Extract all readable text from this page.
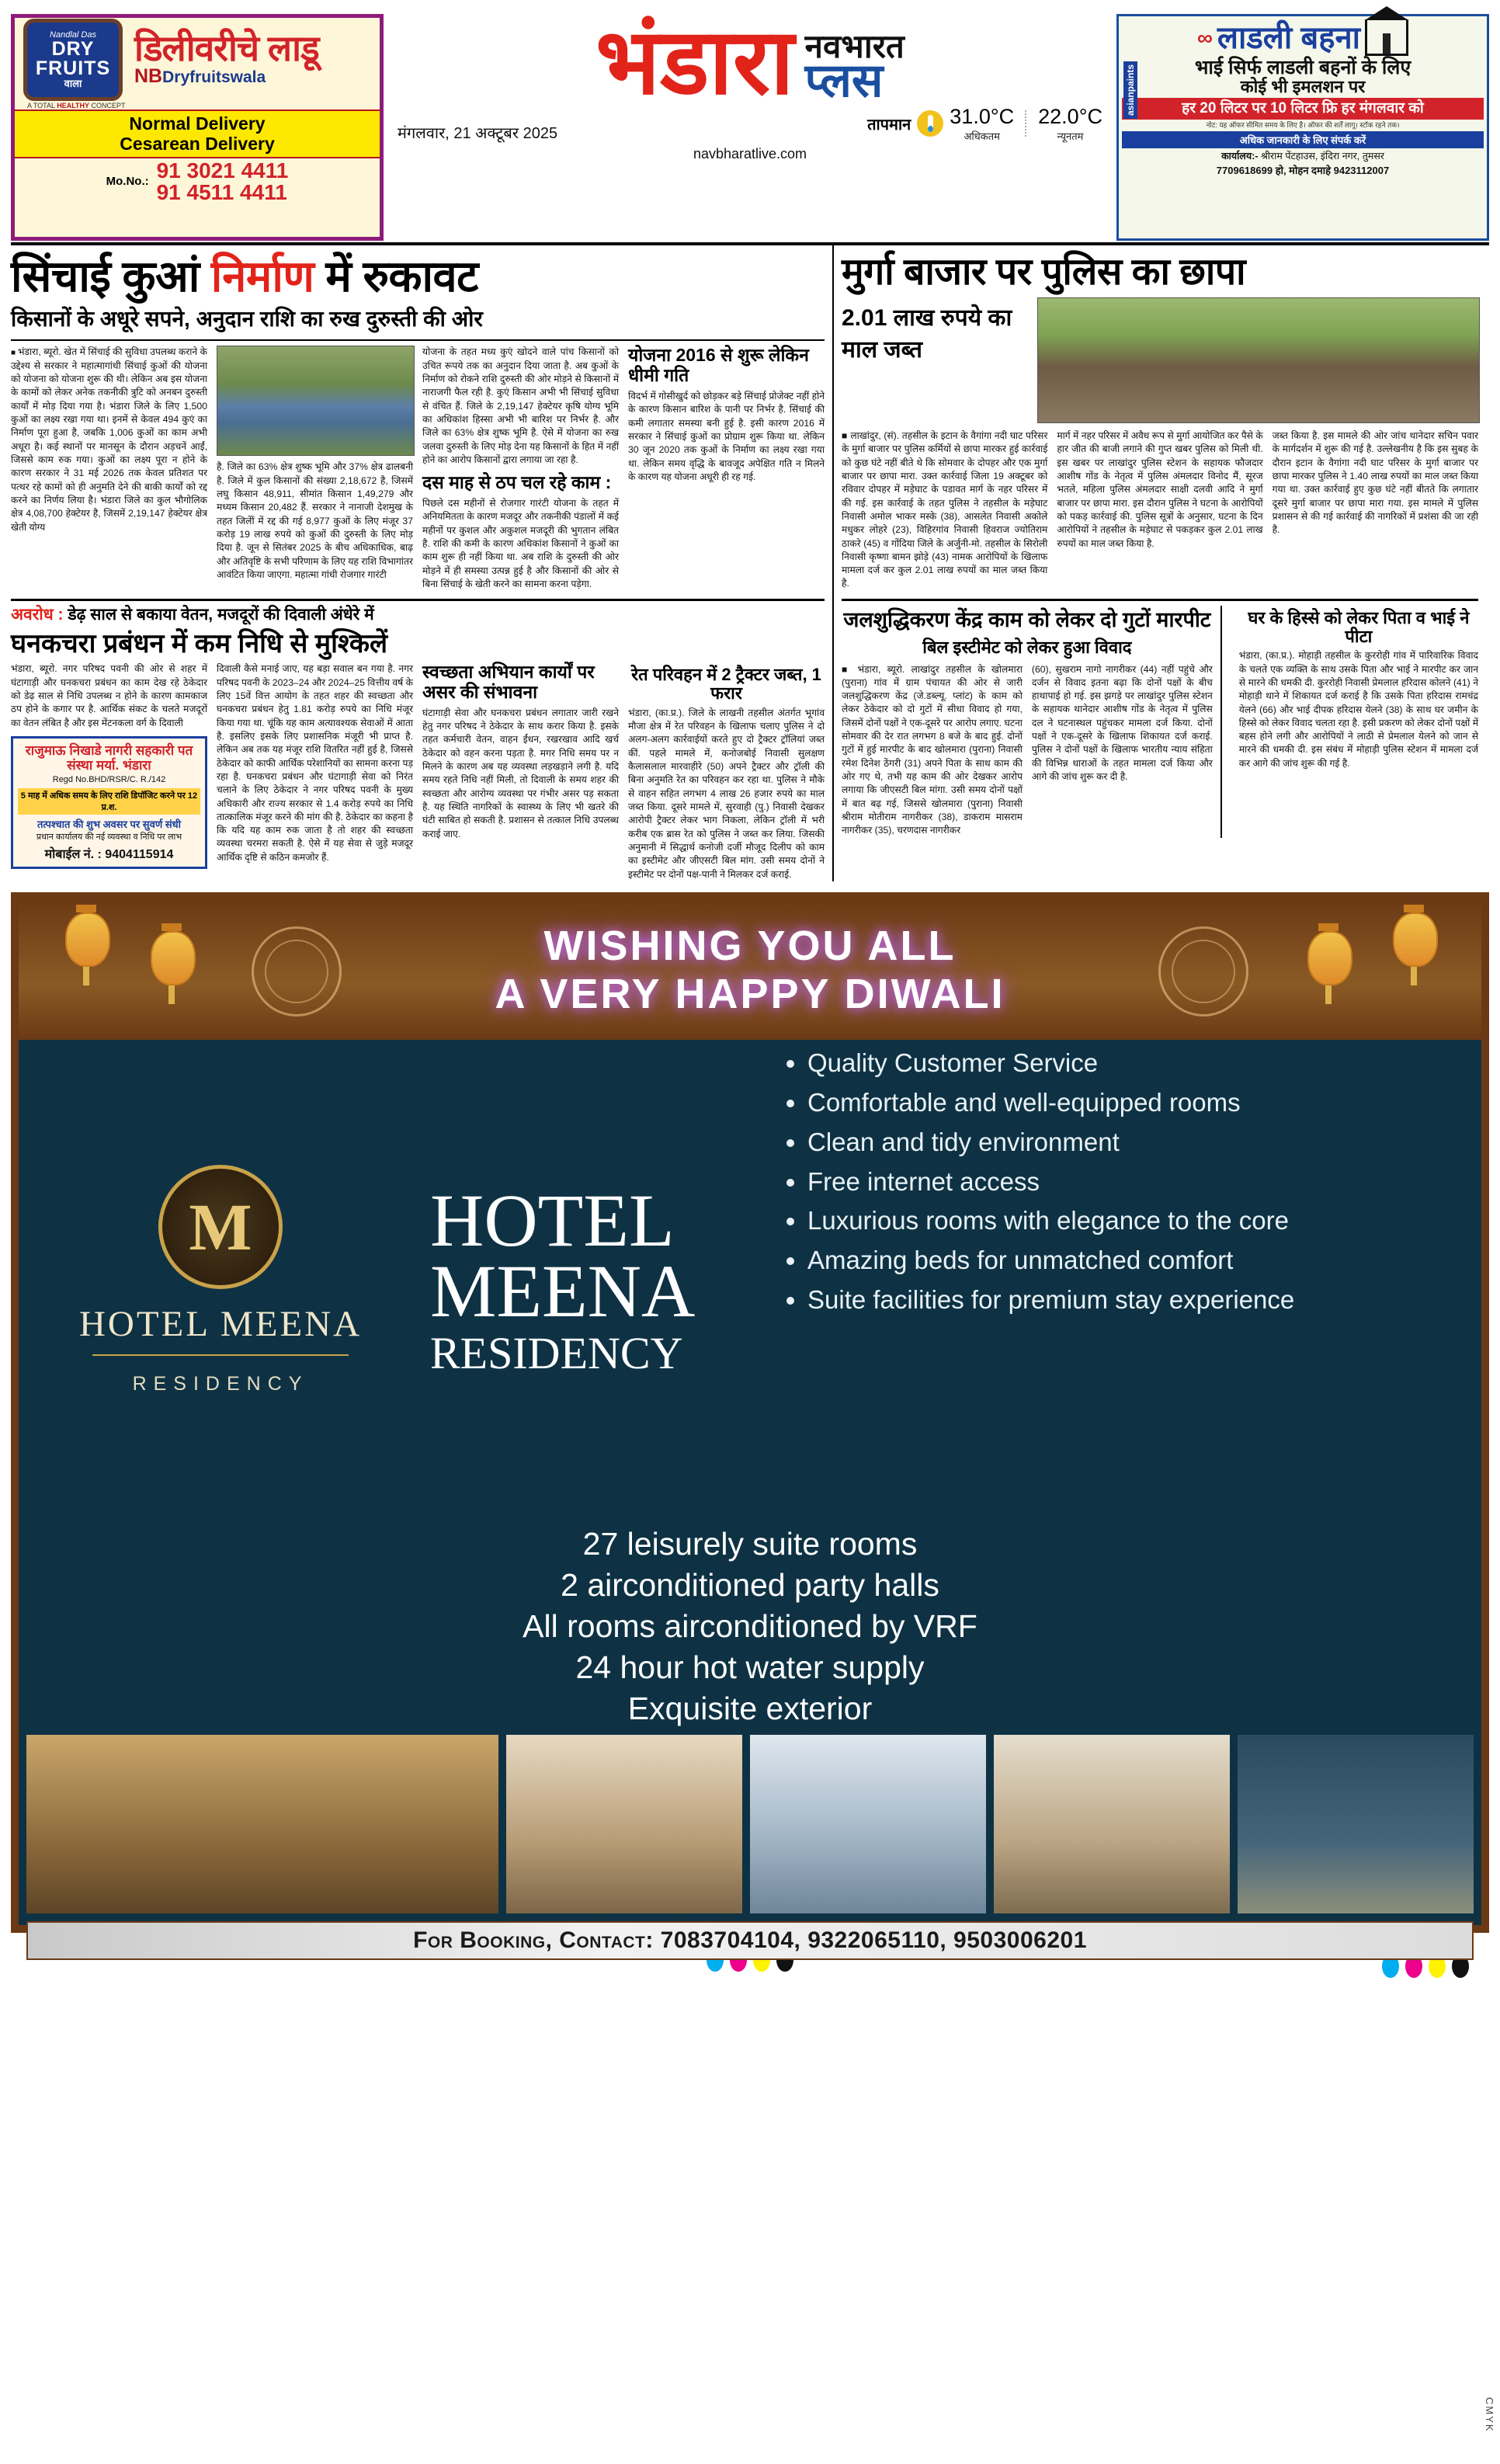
Nandlal Das
DRY
FRUITS
वाला
डिलीवरीचे लाडू
NBDryfruitswala
A TOTAL HEALTHY CONCEPT
Normal Delivery
Cesarean Delivery
Mo.No.: 91 3021 4411
91 4511 4411
भंडारा नवभारत
प्लस
मंगलवार, 21 अक्टूबर 2025	तापमान 31.0°C
अधिकतम
22.0°C
न्यूनतम
navbharatlive.com
asianpaints
∞ लाडली बहना
भाई सिर्फ लाडली बहनों के लिए
कोई भी इमलशन पर
हर 20 लिटर पर 10 लिटर फ्रि हर मंगलवार को
नोट: यह ऑफर सीमित समय के लिए है। ऑफर की शर्तें लागू। स्टॉक रहने तक।
अधिक जानकारी के लिए संपर्क करें
कार्यालय:- श्रीराम पेंटहाउस, इंदिरा नगर, तुमसर
7709618699 हो, मोहन दमाहे 9423112007
सिंचाई कुआं निर्माण में रुकावट
किसानों के अधूरे सपने, अनुदान राशि का रुख दुरुस्ती की ओर
■ भंडारा, ब्यूरो. खेत में सिंचाई की सुविधा उपलब्ध कराने के उद्देश्य से सरकार ने महात्मागांधी सिंचाई कुओं की योजना को योजना को योजना शुरू की थी। लेकिन अब इस योजना के कामों को लेकर अनेक तकनीकी त्रुटि को अनबन दुरुस्ती कार्यों में मोड़ दिया गया है। भंडारा जिले के लिए 1,500 कुओं का लक्ष्य रखा गया था। इनमें से केवल 494 कुएं का निर्माण पूरा हुआ है, जबकि 1,006 कुओं का काम अभी अधूरा है। कई स्थानों पर मानसून के दौरान अड़चनें आईं, जिससे काम रुक गया। कुओं का लक्ष्य पूरा न होने के कारण सरकार ने 31 मई 2026 तक केवल प्रतिशत पर पत्थर रहे कामों को ही अनुमति देने की बाकी कार्यों को रद्द करने का निर्णय लिया है। भंडारा जिले का कुल भौगोलिक क्षेत्र 4,08,700 हेक्टेयर है, जिसमें 2,19,147 हेक्टेयर क्षेत्र खेती योग्य
है. जिले का 63% क्षेत्र शुष्क भूमि और 37% क्षेत्र ढालबनी है. जिले में कुल किसानों की संख्या 2,18,672 है, जिसमें लघु किसान 48,911, सीमांत किसान 1,49,279 और मध्यम किसान 20,482 हैं. सरकार ने नानाजी देशमुख के तहत जिलेों में रद्द की गई 8,977 कुओं के लिए मंजूर 37 करोड़ 19 लाख रुपये को कुओं की दुरुस्ती के लिए मोड़ दिया है. जून से सितंबर 2025 के बीच अधिकाधिक, बाढ़ और अतिवृष्टि के सभी परिणाम के लिए यह राशि विभागांतर आवंटित किया जाएगा. महात्मा गांधी रोजगार गारंटी
योजना के तहत मध्य कुएं खोदने वाले पांच किसानों को उचित रूपये तक का अनुदान दिया जाता है. अब कुओं के निर्माण को रोकने राशि दुरुस्ती की ओर मोड़ने से किसानों में नाराजगी फैल रही है. कुएं किसान अभी भी सिंचाई सुविधा से वंचित हैं. जिले के 2,19,147 हेक्टेयर कृषि योग्य भूमि का अधिकांश हिस्सा अभी भी बारिश पर निर्भर है. और जिले का 63% क्षेत्र शुष्क भूमि है. ऐसे में योजना का रुख जलवा दुरुस्ती के लिए मोड़ देना यह किसानों के हित में नहीं होने का आरोप किसानों द्वारा लगाया जा रहा है.
दस माह से ठप चल रहे काम :
पिछले दस महीनों से रोजगार गारंटी योजना के तहत में अनियमितता के कारण मजदूर और तकनीकी पंडालों में कई महीनों पर कुशल और अकुशल मजदूरी की भुगतान लंबित है. राशि की कमी के कारण अधिकांश किसानों ने कुओं का काम शुरू ही नहीं किया था. अब राशि के दुरुस्ती की ओर मोड़ने में ही समस्या उत्पन्न हुई है और किसानों की ओर से बिना सिंचाई के खेती करने का सामना करना पड़ेगा.
योजना 2016 से शुरू लेकिन धीमी गति
विदर्भ में गोसीखुर्द को छोड़कर बड़े सिंचाई प्रोजेक्ट नहीं होने के कारण किसान बारिश के पानी पर निर्भर है. सिंचाई की कमी लगातार समस्या बनी हुई है. इसी कारण 2016 में सरकार ने सिंचाई कुओं का प्रोग्राम शुरू किया था. लेकिन 30 जून 2020 तक कुओं के निर्माण का लक्ष्य रखा गया था. लेकिन समय वृद्धि के बावजूद अपेक्षित गति न मिलने के कारण यह योजना अधूरी ही रह गई.
अवरोध : डेढ़ साल से बकाया वेतन, मजदूरों की दिवाली अंधेरे में
घनकचरा प्रबंधन में कम निधि से मुश्किलें
भंडारा, ब्यूरो. नगर परिषद पवनी की ओर से शहर में घंटागाड़ी और घनकचरा प्रबंधन का काम देख रहे ठेकेदार को डेढ़ साल से निधि उपलब्ध न होने के कारण कामकाज ठप होने के कगार पर है. आर्थिक संकट के चलते मजदूरों का वेतन लंबित है और इस मेंटनकला वर्ग के दिवाली
राजुमाऊ निखाडे नागरी सहकारी पत संस्था मर्या. भंडारा
Regd No.BHD/RSR/C. R./142
5 माह में अधिक समय के लिए राशि डिपॉजिट करने पर 12 प्र.श.
तत्पश्चात की शुभ अवसर पर सुवर्ण संधी
प्रधान कार्यालय की नई व्यवस्था व निधि पर लाभ
मोबाईल नं. : 9404115914
दिवाली कैसे मनाई जाए, यह बड़ा सवाल बन गया है. नगर परिषद पवनी के 2023–24 और 2024–25 वित्तीय वर्ष के लिए 15वें वित्त आयोग के तहत शहर की स्वच्छता और घनकचरा प्रबंधन हेतु 1.81 करोड़ रुपये का निधि मंजूर किया गया था. चूंकि यह काम अत्यावश्यक सेवाओं में आता है. इसलिए इसके लिए प्रशासनिक मंजूरी भी प्राप्त है. लेकिन अब तक यह मंजूर राशि वितरित नहीं हुई है, जिससे ठेकेदार को काफी आर्थिक परेशानियों का सामना करना पड़ रहा है. घनकचरा प्रबंधन और घंटागाड़ी सेवा को निरंत चलाने के लिए ठेकेदार ने नगर परिषद पवनी के मुख्य अधिकारी और राज्य सरकार से 1.4 करोड़ रुपये का निधि तात्कालिक मंजूर करने की मांग की है. ठेकेदार का कहना है कि यदि यह काम रुक जाता है तो शहर की स्वच्छता व्यवस्था चरमरा सकती है. ऐसे में यह सेवा से जुड़े मजदूर आर्थिक दृष्टि से कठिन कमजोर हैं.
स्वच्छता अभियान कार्यों पर असर की संभावना
घंटागाड़ी सेवा और घनकचरा प्रबंधन लगातार जारी रखने हेतु नगर परिषद ने ठेकेदार के साथ करार किया है. इसके तहत कर्मचारी वेतन, वाहन ईंधन, रखरखाव आदि खर्च ठेकेदार को वहन करना पड़ता है. मगर निधि समय पर न मिलने के कारण अब यह व्यवस्था लड़खड़ाने लगी है. यदि समय रहते निधि नहीं मिली, तो दिवाली के समय शहर की स्वच्छता और आरोग्य व्यवस्था पर गंभीर असर पड़ सकता है. यह स्थिति नागरिकों के स्वास्थ्य के लिए भी खतरे की घंटी साबित हो सकती है. प्रशासन से तत्काल निधि उपलब्ध कराई जाए.
रेत परिवहन में 2 ट्रैक्टर जब्त, 1 फरार
भंडारा, (का.प्र.). जिले के लाखनी तहसील अंतर्गत भूगांव मौजा क्षेत्र में रेत परिवहन के खिलाफ चलाए पुलिस ने दो अलग-अलग कार्रवाईयों करते हुए दो ट्रैक्टर ट्रॉलियां जब्त कीं. पहले मामले में, कनोजबोई निवासी सुलक्षण कैलासलाल मारवाहीरे (50) अपने ट्रैक्टर और ट्रॉली की बिना अनुमति रेत का परिवहन कर रहा था. पुलिस ने मौके से वाहन सहित लगभग 4 लाख 26 हजार रुपये का माल जब्त किया. दूसरे मामले में, सुरवाही (पु.) निवासी देखकर आरोपी ट्रैक्टर लेकर भाग निकला, लेकिन ट्रॉली में भरी करीब एक ब्रास रेत को पुलिस ने जब्त कर लिया. जिसकी अनुमानी में सिद्धार्थ कनोजी दर्जी मौजूद दिलीप को काम का इस्टीमेट और जीएसटी बिल मांग. उसी समय दोनों ने इस्टीमेट पर दोनों पक्ष-पानी ने मिलकर दर्ज कराई.
मुर्गा बाजार पर पुलिस का छापा
2.01 लाख रुपये का माल जब्त
■ लाखांदुर, (सं). तहसील के इटान के वैगांगा नदी घाट परिसर के मुर्गा बाजार पर पुलिस कर्मियों से छापा मारकर हुई कार्रवाई को कुछ घंटे नहीं बीते थे कि सोमवार के दोपहर और एक मुर्गा बाजार पर छापा मारा. उक्त कार्रवाई जिला 19 अक्टूबर को रविवार दोपहर में मड़ेघाट के पडावत मार्ग के नहर परिसर में की गई. इस कार्रवाई के तहत पुलिस ने तहसील के मड़ेघाट निवासी अमोल भाकर मस्के (38), आसलेत निवासी अकोले मधुकर लोहरे (23), विहिरगांव निवासी हिवराज ज्योतिराम ठाकरे (45) व गोंदिया जिले के अर्जुनी-मो. तहसील के सिरोली निवासी कृष्णा बामन झोड़े (43) नामक आरोपियों के खिलाफ मामला दर्ज कर कुल 2.01 लाख रुपयों का माल जब्त किया है.
मार्ग में नहर परिसर में अवैध रूप से मुर्गा आयोजित कर पैसे के हार जीत की बाजी लगाने की गुप्त खबर पुलिस को मिली थी. इस खबर पर लाखांदुर पुलिस स्टेशन के सहायक फौजदार आशीष गोंड के नेतृत्व में पुलिस अंमलदार विनोद मैं, सूरज भतले, महिला पुलिस अंमलदार साक्षी दलवी आदि ने मुर्गा बाजार पर छापा मारा. इस दौरान पुलिस ने घटना के आरोपियों को पकड़ कार्रवाई की. पुलिस सूत्रों के अनुसार, घटना के दिन आरोपियों ने तहसील के मड़ेघाट से पकड़कर कुल 2.01 लाख रुपयों का माल जब्त किया है.
जब्त किया है. इस मामले की ओर जांच थानेदार सचिन पवार के मार्गदर्शन में शुरू की गई है. उल्लेखनीय है कि इस सुबह के दौरान इटान के वैगांगा नदी घाट परिसर के मुर्गा बाजार पर छापा मारकर पुलिस ने 1.40 लाख रुपयों का माल जब्त किया गया था. उक्त कार्रवाई हुए कुछ घंटे नहीं बीतते कि लगातार दूसरे मुर्गा बाजार पर छापा मारा गया. इस मामले में पुलिस प्रशासन से की गई कार्रवाई की नागरिकों में प्रशंसा की जा रही है.
जलशुद्धिकरण केंद्र काम को लेकर दो गुटों मारपीट
बिल इस्टीमेट को लेकर हुआ विवाद
■ भंडारा, ब्यूरो. लाखांदुर तहसील के खोलमारा (पुराना) गांव में ग्राम पंचायत की ओर से जारी जलशुद्धिकरण केंद्र (जे.डब्ल्यू. प्लांट) के काम को लेकर ठेकेदार को दो गुटों में सीधा विवाद हो गया, जिसमें दोनों पक्षों ने एक-दूसरे पर आरोप लगाए. घटना सोमवार की देर रात लगभग 8 बजे के बाद हुई. दोनों गुटों में हुई मारपीट के बाद खोलमारा (पुराना) निवासी रमेश दिनेश ठेंगरी (31) अपने पिता के साथ काम की ओर गए थे, तभी यह काम की ओर देखकर आरोप लगाया कि जीएसटी बिल मांगा. उसी समय दोनों पक्षों में बात बढ़ गई, जिससे खोलमारा (पुराना) निवासी श्रीराम मोतीराम नागरीकर (38), डाकराम मासराम नागरीकर (35), चरणदास नागरीकर
(60), सुखराम नागो नागरीकर (44) नहीं पहुंचे और दर्जन से विवाद इतना बढ़ा कि दोनों पक्षों के बीच हाथापाई हो गई. इस झगड़े पर लाखांदुर पुलिस स्टेशन के सहायक थानेदार आशीष गोंड के नेतृत्व में पुलिस दल ने घटनास्थल पहुंचकर मामला दर्ज किया. दोनों पक्षों ने एक-दूसरे के खिलाफ शिकायत दर्ज कराई. पुलिस ने दोनों पक्षों के खिलाफ भारतीय न्याय संहिता की विभिन्न धाराओं के तहत मामला दर्ज किया और आगे की जांच शुरू कर दी है.
घर के हिस्से को लेकर पिता व भाई ने पीटा
भंडारा, (का.प्र.). मोहाड़ी तहसील के कुररोही गांव में पारिवारिक विवाद के चलते एक व्यक्ति के साथ उसके पिता और भाई ने मारपीट कर जान से मारने की धमकी दी. कुररोही निवासी प्रेमलाल हरिदास कोलने (41) ने मोहाड़ी थाने में शिकायत दर्ज कराई है कि उसके पिता हरिदास रामचंद्र येलने (66) और भाई दीपक हरिदास येलने (38) के साथ घर जमीन के हिस्से को लेकर विवाद चलता रहा है. इसी प्रकरण को लेकर दोनों पक्षों में बहस होने लगी और आरोपियों ने लाठी से प्रेमलाल येलने को जान से मारने की धमकी दी. इस संबंध में मोहाड़ी पुलिस स्टेशन में मामला दर्ज कर आगे की जांच शुरू की गई है.
WISHING YOU ALL
A VERY HAPPY DIWALI
M
HOTEL MEENA
RESIDENCY
HOTEL
MEENA
RESIDENCY
• Quality Customer Service
• Comfortable and well-equipped rooms
• Clean and tidy environment
• Free internet access
• Luxurious rooms with elegance to the core
• Amazing beds for unmatched comfort
• Suite facilities for premium stay experience
27 leisurely suite rooms
2 airconditioned party halls
All rooms airconditioned by VRF
24 hour hot water supply
Exquisite exterior
For Booking, Contact: 7083704104, 9322065110, 9503006201
CMYK
